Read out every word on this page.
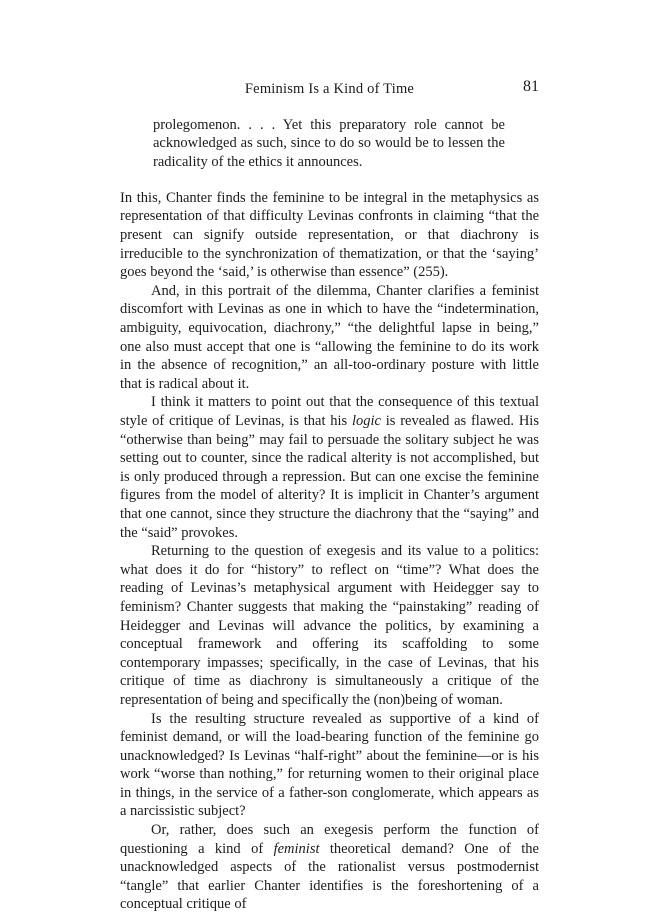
Feminism Is a Kind of Time	81
prolegomenon. . . . Yet this preparatory role cannot be acknowledged as such, since to do so would be to lessen the radicality of the ethics it announces.

In this, Chanter finds the feminine to be integral in the metaphysics as representation of that difficulty Levinas confronts in claiming “that the present can signify outside representation, or that diachrony is irreducible to the synchronization of thematization, or that the ‘saying’ goes beyond the ‘said,’ is otherwise than essence” (255).

And, in this portrait of the dilemma, Chanter clarifies a feminist discomfort with Levinas as one in which to have the “indetermination, ambiguity, equivocation, diachrony,” “the delightful lapse in being,” one also must accept that one is “allowing the feminine to do its work in the absence of recognition,” an all-too-ordinary posture with little that is radical about it.

I think it matters to point out that the consequence of this textual style of critique of Levinas, is that his logic is revealed as flawed. His “otherwise than being” may fail to persuade the solitary subject he was setting out to counter, since the radical alterity is not accomplished, but is only produced through a repression. But can one excise the feminine figures from the model of alterity? It is implicit in Chanter’s argument that one cannot, since they structure the diachrony that the “saying” and the “said” provokes.

Returning to the question of exegesis and its value to a politics: what does it do for “history” to reflect on “time”? What does the reading of Levinas’s metaphysical argument with Heidegger say to feminism? Chanter suggests that making the “painstaking” reading of Heidegger and Levinas will advance the politics, by examining a conceptual framework and offering its scaffolding to some contemporary impasses; specifically, in the case of Levinas, that his critique of time as diachrony is simultaneously a critique of the representation of being and specifically the (non)being of woman.

Is the resulting structure revealed as supportive of a kind of feminist demand, or will the load-bearing function of the feminine go unacknowledged? Is Levinas “half-right” about the feminine—or is his work “worse than nothing,” for returning women to their original place in things, in the service of a father-son conglomerate, which appears as a narcissistic subject?

Or, rather, does such an exegesis perform the function of questioning a kind of feminist theoretical demand? One of the unacknowledged aspects of the rationalist versus postmodernist “tangle” that earlier Chanter identifies is the foreshortening of a conceptual critique of
